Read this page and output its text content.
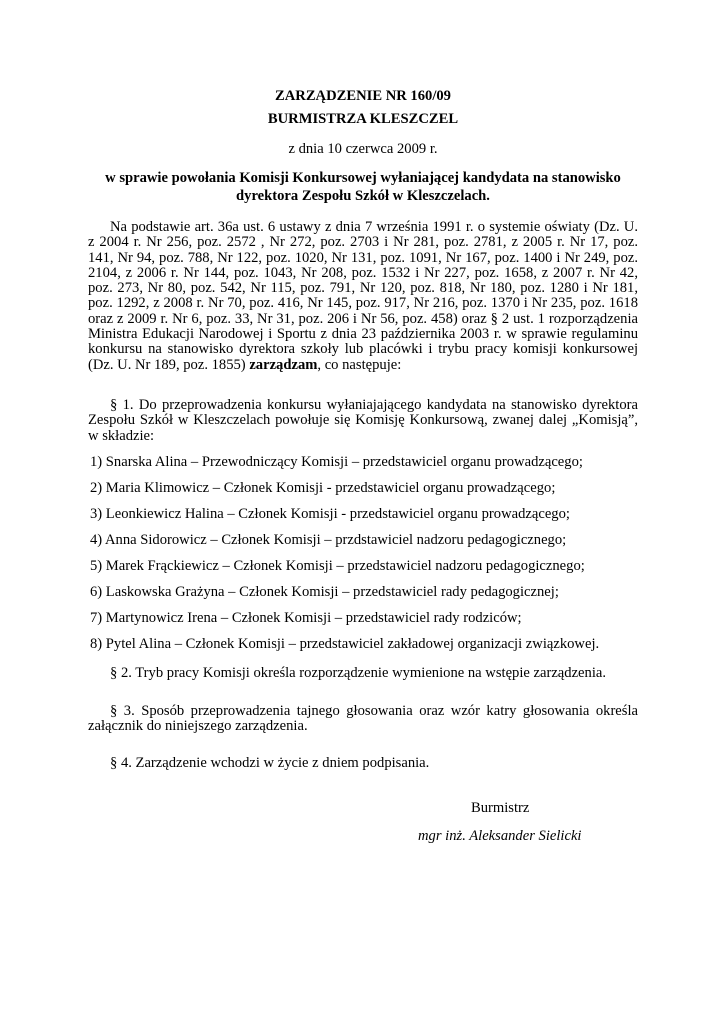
ZARZĄDZENIE NR 160/09
BURMISTRZA KLESZCZEL
z dnia 10 czerwca 2009 r.
w sprawie powołania Komisji Konkursowej wyłaniającej kandydata na stanowisko
dyrektora Zespołu Szkół w Kleszczelach.
Na podstawie art. 36a ust. 6 ustawy z dnia 7 września 1991 r. o systemie oświaty (Dz. U. z 2004 r. Nr 256, poz. 2572 , Nr 272, poz. 2703 i Nr 281, poz. 2781, z 2005 r. Nr 17, poz. 141, Nr 94, poz. 788, Nr 122, poz. 1020, Nr 131, poz. 1091, Nr 167, poz. 1400 i Nr 249, poz. 2104, z 2006 r. Nr 144, poz. 1043, Nr 208, poz. 1532 i Nr 227, poz. 1658, z 2007 r. Nr 42, poz. 273, Nr 80, poz. 542, Nr 115, poz. 791, Nr 120, poz. 818, Nr 180, poz. 1280 i Nr 181, poz. 1292, z 2008 r. Nr 70, poz. 416, Nr 145, poz. 917, Nr 216, poz. 1370 i Nr 235, poz. 1618 oraz z 2009 r. Nr 6, poz. 33, Nr 31, poz. 206 i Nr 56, poz. 458) oraz § 2 ust. 1 rozporządzenia Ministra Edukacji Narodowej i Sportu z dnia 23 października 2003 r. w sprawie regulaminu konkursu na stanowisko dyrektora szkoły lub placówki i trybu pracy komisji konkursowej (Dz. U. Nr 189, poz. 1855) zarządzam, co następuje:
§ 1. Do przeprowadzenia konkursu wyłaniajającego kandydata na stanowisko dyrektora Zespołu Szkół w Kleszczelach powołuje się Komisję Konkursową, zwanej dalej „Komisją”, w składzie:
1) Snarska Alina – Przewodniczący Komisji – przedstawiciel organu prowadzącego;
2) Maria Klimowicz – Członek Komisji - przedstawiciel organu prowadzącego;
3) Leonkiewicz Halina – Członek Komisji - przedstawiciel organu prowadzącego;
4) Anna Sidorowicz – Członek Komisji – przdstawiciel nadzoru pedagogicznego;
5) Marek Frąckiewicz – Członek Komisji – przedstawiciel nadzoru pedagogicznego;
6) Laskowska Grażyna – Członek Komisji – przedstawiciel rady pedagogicznej;
7) Martynowicz Irena – Członek Komisji – przedstawiciel rady rodziców;
8) Pytel Alina – Członek Komisji – przedstawiciel zakładowej organizacji związkowej.
§ 2. Tryb pracy Komisji określa rozporządzenie wymienione na wstępie zarządzenia.
§ 3. Sposób przeprowadzenia tajnego głosowania oraz wzór katry głosowania określa załącznik do niniejszego zarządzenia.
§ 4. Zarządzenie wchodzi w życie z dniem podpisania.
Burmistrz
mgr inż. Aleksander Sielicki
